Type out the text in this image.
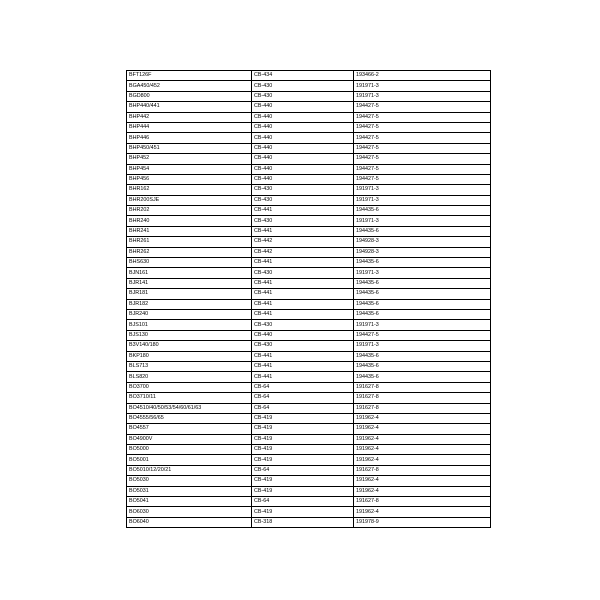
BFT126F	CB-434	193466-2
BGA450/452	CB-430	191971-3
BGD800	CB-430	191971-3
BHP440/441	CB-440	194427-5
BHP442	CB-440	194427-5
BHP444	CB-440	194427-5
BHP446	CB-440	194427-5
BHP450/451	CB-440	194427-5
BHP452	CB-440	194427-5
BHP454	CB-440	194427-5
BHP456	CB-440	194427-5
BHR162	CB-430	191971-3
BHR200SJE	CB-430	191971-3
BHR202	CB-441	194435-6
BHR240	CB-430	191971-3
BHR241	CB-441	194435-6
BHR261	CB-442	194928-3
BHR262	CB-442	194928-3
BHS630	CB-441	194435-6
BJN161	CB-430	191971-3
BJR141	CB-441	194435-6
BJR181	CB-441	194435-6
BJR182	CB-441	194435-6
BJR240	CB-441	194435-6
BJS101	CB-430	191971-3
BJS130	CB-440	194427-5
B3V140/180	CB-430	191971-3
BKP180	CB-441	194435-6
BLS713	CB-441	194435-6
BLS820	CB-441	194435-6
BO3700	CB-64	191627-8
BO3710/11	CB-64	191627-8
BO4510/40/50/53/54/60/61/63	CB-64	191627-8
BO4555/56/65	CB-419	191962-4
BO4557	CB-419	191962-4
BO4900V	CB-419	191962-4
BO5000	CB-419	191962-4
BO5001	CB-419	191962-4
BO5010/12/20/21	CB-64	191627-8
BO5030	CB-419	191962-4
BO5031	CB-419	191962-4
BO5041	CB-64	191627-8
BO6030	CB-419	191962-4
BO6040	CB-318	191978-9
